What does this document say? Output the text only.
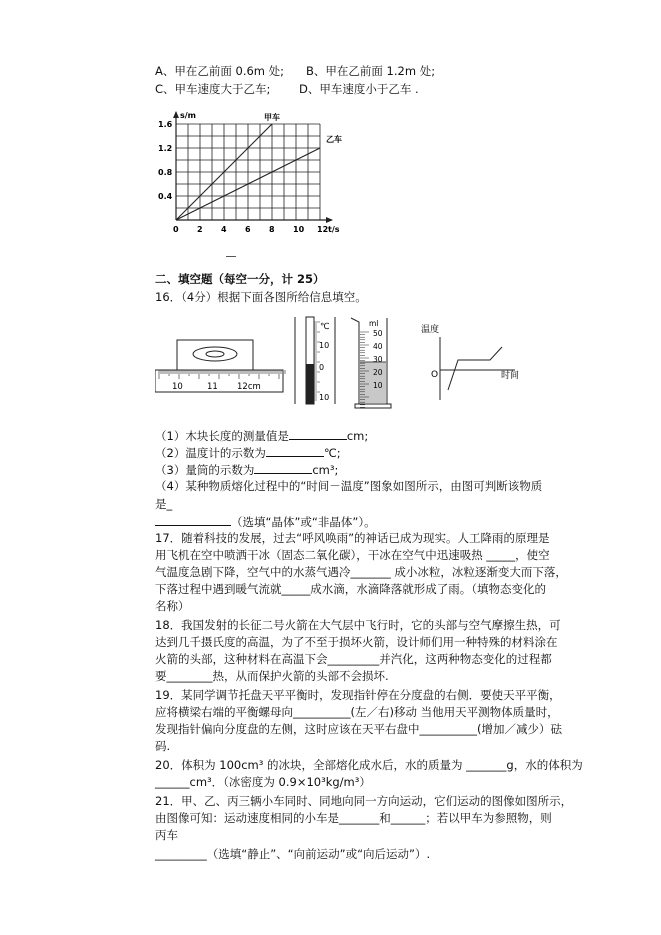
A、甲在乙前面 0.6m 处; B、甲在乙前面 1.2m 处;
C、甲车速度大于乙车; D、甲车速度小于乙车 .
0 2 4 6 8 10 12
0.4
0.8
1.2
1.6
甲车
乙车
s/m
t/s
二、填空题（每空一分，计 25）
16．（4分）根据下面各图所给信息填空。
10	11 12cm
℃
10
0
10
ml
50
40
30
20
10
温度
O	时间
（1）木块长度的测量值是	cm;
（2）温度计的示数为	℃;
（3）量筒的示数为	cm³;
（4）某种物质熔化过程中的“时间－温度”图象如图所示，由图可判断该物质
是_
（选填“晶体”或“非晶体”）。
17．随着科技的发展，过去“呼风唤雨”的神话已成为现实。人工降雨的原理是
用飞机在空中喷洒干冰（固态二氧化碳），干冰在空气中迅速吸热 _____，使空
气温度急剧下降，空气中的水蒸气遇冷_______ 成小冰粒，冰粒逐渐变大而下落，
下落过程中遇到暖气流就_____成水滴，水滴降落就形成了雨。（填物态变化的
名称）
18．我国发射的长征二号火箭在大气层中飞行时，它的头部与空气摩擦生热，可
达到几千摄氏度的高温，为了不至于损坏火箭，设计师们用一种特殊的材料涂在
火箭的头部，这种材料在高温下会_________并汽化，这两种物态变化的过程都
要________热，从而保护火箭的头部不会损坏.
19．某同学调节托盘天平平衡时，发现指针停在分度盘的右侧．要使天平平衡，
应将横梁右端的平衡螺母向__________(左／右)移动 当他用天平测物体质量时，
发现指针偏向分度盘的左侧，这时应该在天平右盘中__________(增加／减少）砝
码.
20．体积为 100cm³ 的冰块，全部熔化成水后，水的质量为 _______g，水的体积为
______cm³．（冰密度为 0.9×10³kg/m³）
21．甲、乙、丙三辆小车同时、同地向同一方向运动，它们运动的图像如图所示，
由图像可知：运动速度相同的小车是_______和______；若以甲车为参照物，则
丙车
_________（选填“静止”、“向前运动”或“向后运动”）.
